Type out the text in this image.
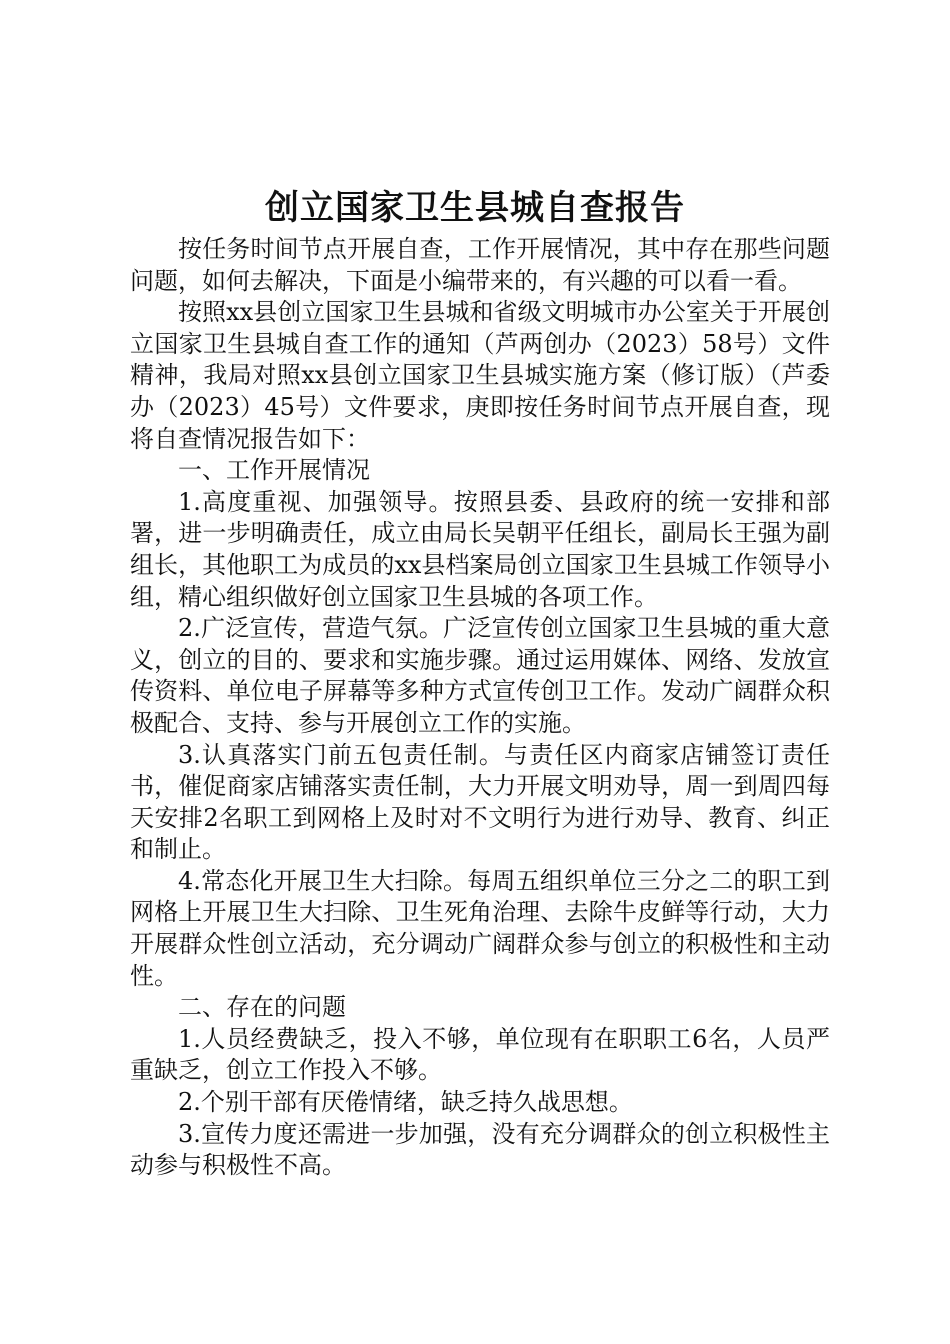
创立国家卫生县城自查报告

按任务时间节点开展自查，工作开展情况，其中存在那些问题问题，如何去解决，下面是小编带来的，有兴趣的可以看一看。

按照xx县创立国家卫生县城和省级文明城市办公室关于开展创立国家卫生县城自查工作的通知（芦两创办（2023）58号）文件精神，我局对照xx县创立国家卫生县城实施方案（修订版）（芦委办（2023）45号）文件要求，庚即按任务时间节点开展自查，现将自查情况报告如下：

一、工作开展情况

1.高度重视、加强领导。按照县委、县政府的统一安排和部署，进一步明确责任，成立由局长吴朝平任组长，副局长王强为副组长，其他职工为成员的xx县档案局创立国家卫生县城工作领导小组，精心组织做好创立国家卫生县城的各项工作。

2.广泛宣传，营造气氛。广泛宣传创立国家卫生县城的重大意义，创立的目的、要求和实施步骤。通过运用媒体、网络、发放宣传资料、单位电子屏幕等多种方式宣传创卫工作。发动广阔群众积极配合、支持、参与开展创立工作的实施。

3.认真落实门前五包责任制。与责任区内商家店铺签订责任书，催促商家店铺落实责任制，大力开展文明劝导，周一到周四每天安排2名职工到网格上及时对不文明行为进行劝导、教育、纠正和制止。

4.常态化开展卫生大扫除。每周五组织单位三分之二的职工到网格上开展卫生大扫除、卫生死角治理、去除牛皮鲜等行动，大力开展群众性创立活动，充分调动广阔群众参与创立的积极性和主动性。

二、存在的问题

1.人员经费缺乏，投入不够，单位现有在职职工6名，人员严重缺乏，创立工作投入不够。

2.个别干部有厌倦情绪，缺乏持久战思想。

3.宣传力度还需进一步加强，没有充分调群众的创立积极性主动参与积极性不高。
